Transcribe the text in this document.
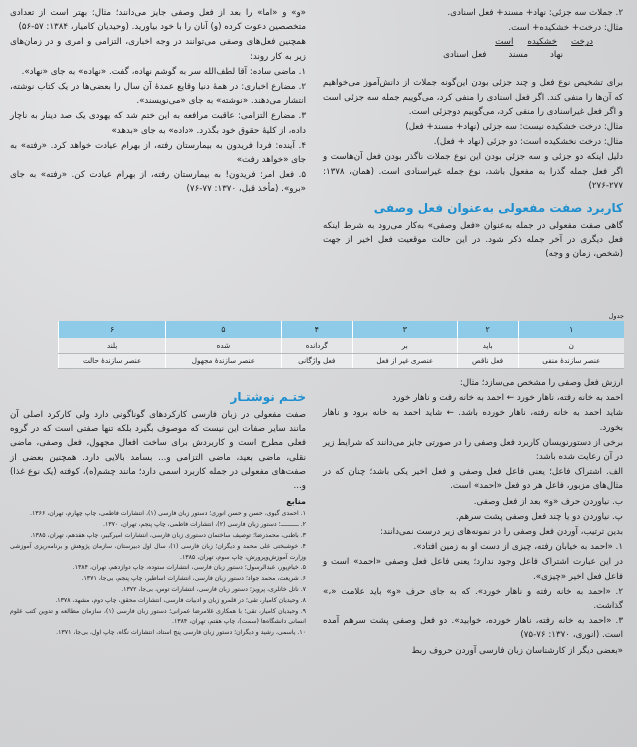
۲. جملات سه جزئی: نهاد+ مسند+ فعل اسنادی.
مثال: درخت+ خشکیده+ است.
درخت
خشکیده
است
نهاد
مسند
فعل اسنادی
برای تشخیص نوع فعل و چند جزئی بودن این‌گونه جملات از دانش‌آموز می‌خواهیم که آن‌ها را منفی کند. اگر فعل اسنادی را منفی کرد، می‌گوییم جمله سه جزئی است و اگر فعل غیراسنادی را منفی کرد، می‌گوییم دوجزئی است.
مثال: درخت خشکیده نیست: سه جزئی (نهاد+ مسند+ فعل)
مثال: درخت نخشکیده است: دو جزئی (نهاد + فعل).
دلیل اینکه دو جزئی و سه جزئی بودن این نوع جملات ناگذر بودن فعل آن‌هاست و اگر فعل جمله گذرا به مفعول باشد، نوع جمله غیراسنادی است. (همان، ۱۳۷۸: ۲۷۷-۲۷۶)
کاربرد صفت مفعولی به‌عنوان فعل وصفی
گاهی صفت مفعولی در جمله به‌عنوان «فعل وصفی» به‌کار می‌رود به شرط اینکه فعل دیگری در آخر جمله ذکر شود. در این حالت موقعیت فعل اخیر از جهت (شخص، زمان و وجه)
جدول
۱	۲	۳	۴	۵	۶
ن	باید	بر	گردانده	شده	بلند
عنصر سازندهٔ منفی	فعل ناقص	عنصری غیر از فعل	فعل واژگانی	عنصر سازندهٔ مجهول	عنصر سازندهٔ حالت
ارزش فعل وصفی را مشخص می‌سازد؛ مثال:
احمد به خانه رفته، ناهار خورد ← احمد به خانه رفت و ناهار خورد
شاید احمد به خانه رفته، ناهار خورده باشد. ← شاید احمد به خانه برود و ناهار بخورد.
برخی از دستورنویسان کاربرد فعل وصفی را در صورتی جایز می‌دانند که شرایط زیر در آن رعایت شده باشد:
الف. اشتراک فاعل؛ یعنی فاعل فعل وصفی و فعل اخیر یکی باشد؛ چنان که در مثال‌های مزبور، فاعل هر دو فعل «احمد» است.
ب. نیاوردن حرف «و» بعد از فعل وصفی.
پ. نیاوردن دو یا چند فعل وصفی پشت سرهم.
بدین ترتیب، آوردن فعل وصفی را در نمونه‌های زیر درست نمی‌دانند:
۱. «احمد به خیابان رفته، چیزی از دست او به زمین افتاد».
در این عبارت اشتراک فاعل وجود ندارد؛ یعنی فاعل فعل وصفی «احمد» است و فاعل فعل اخیر «چیزی».
۲. «احمد به خانه رفته و ناهار خورد». که به جای حرف «و» باید علامت «،» گذاشت.
۳. «احمد به خانه رفته، ناهار خورده، خوابید». دو فعل وصفی پشت سرهم آمده است. (انوری، ۱۳۷۰: ۷۶-۷۵)
«بعضی دیگر از کارشناسان زبان فارسی آوردن حروف ربط
«و» و «اما» را بعد از فعل وصفی جایز می‌دانند؛ مثال: بهتر است از تعدادی متخصصین دعوت کرده (و) آنان را با خود بیاورید. (وحیدیان کامیار، ۱۳۸۴: ۵۷-۵۶)
همچنین فعل‌های وصفی می‌توانند در وجه اخباری، التزامی و امری و در زمان‌های زیر به کار روند:
۱. ماضی ساده: آقا لطف‌الله سر به گوشم نهاده، گفت. «نهاده» به جای «نهاد».
۲. مضارع اخباری: در همهٔ دنیا وقایع عمدهٔ آن سال را بعضی‌ها در یک کتاب نوشته، انتشار می‌دهند. «نوشته» به جای «می‌نویسند».
۳. مضارع التزامی: عاقبت مرافعه به این ختم شد که یهودی یک صد دینار به ناچار داده، از کلیهٔ حقوق خود بگذرد. «داده» به جای «بدهد»
۴. آینده: فردا فریدون به بیمارستان رفته، از بهرام عیادت خواهد کرد. «رفته» به جای «خواهد رفت»
۵. فعل امر: فریدون! به بیمارستان رفته، از بهرام عیادت کن. «رفته» به جای «برو». (مأخذ قبل، ۱۳۷۰: ۷۷-۷۶)
ختـم نوشتـار
صفت مفعولی در زبان فارسی کارکردهای گوناگونی دارد ولی کارکرد اصلی آن مانند سایر صفات این نیست که موصوف بگیرد بلکه تنها صفتی است که در گروه فعلی مطرح است و کاربردش برای ساخت افعال مجهول، فعل وصفی، ماضی نقلی، ماضی بعید، ماضی التزامی و... بسامد بالایی دارد. همچنین بعضی از صفت‌های مفعولی در جمله کاربرد اسمی دارد؛ مانند چشم(ه)، کوفته (یک نوع غذا) و...
منابع
۱. احمدی گیوی، حسن و حسن انوری؛ دستور زبان فارسی (۱)، انتشارات فاطمی، چاپ چهارم، تهران، ۱۳۶۶.
۲. ــــــــــ؛ دستور زبان فارسی (۲)، انتشارات فاطمی، چاپ پنجم، تهران، ۱۳۷۰.
۳. باطنی، محمدرضا؛ توصیف ساختمان دستوری زبان فارسی، انتشارات امیرکبیر، چاپ هفدهم، تهران، ۱۳۸۵.
۴. خوشبختی علی محمد و دیگران؛ زبان فارسی (۱)، سال اول دبیرستان، سازمان پژوهش و برنامه‌ریزی آموزشی وزارت آموزش‌وپرورش، چاپ سوم، تهران، ۱۳۸۵.
۵. خیام‌پور، عبدالرسول؛ دستور زبان فارسی، انتشارات ستوده، چاپ دوازدهم، تهران، ۱۳۸۴.
۶. شریعت، محمد جواد؛ دستور زبان فارسی، انتشارات اساطیر، چاپ پنجم، بی‌جا، ۱۳۷۱.
۷. ناتل خانلری، پرویز؛ دستور زبان فارسی، انتشارات توس، بی‌جا، ۱۳۷۲.
۸. وحیدیان کامیار، تقی؛ در قلمرو زبان و ادبیات فارسی، انتشارات محقق، چاپ دوم، مشهد، ۱۳۷۸.
۹. وحیدیان کامیار، تقی؛ با همکاری غلامرضا عمرانی؛ دستور زبان فارسی (۱)، سازمان مطالعه و تدوین کتب علوم انسانی دانشگاه‌ها (سمت)، چاپ هفتم، تهران، ۱۳۸۴.
۱۰. یاسمی، رشید و دیگران؛ دستور زبان فارسی پنج استاد، انتشارات نگاه، چاپ اول، بی‌جا، ۱۳۷۱.
